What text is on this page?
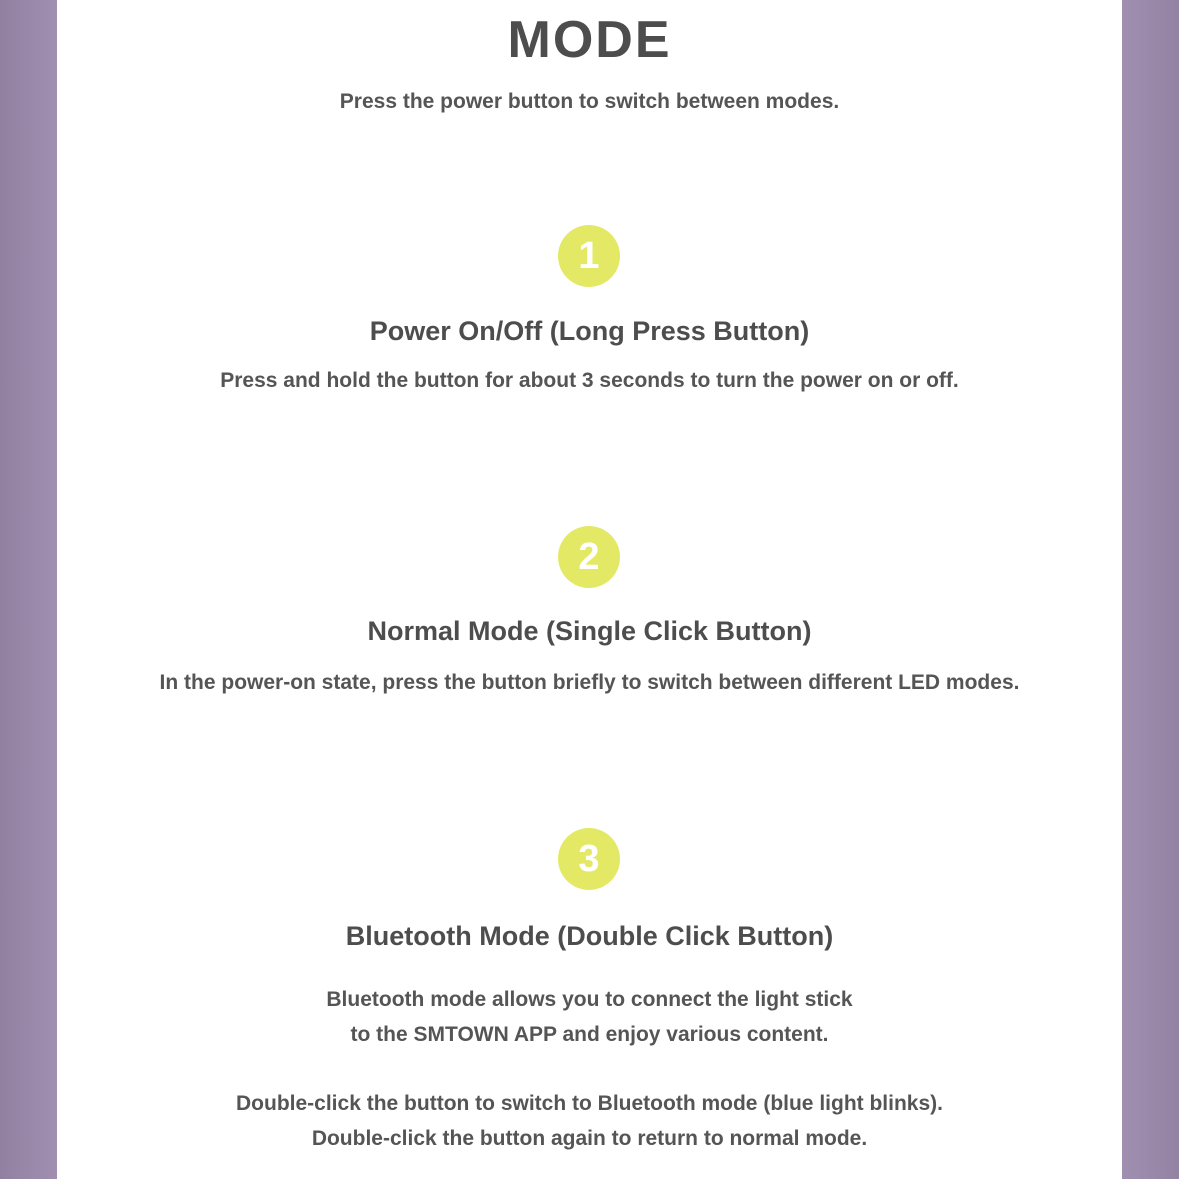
MODE
Press the power button to switch between modes.
1
Power On/Off (Long Press Button)
Press and hold the button for about 3 seconds to turn the power on or off.
2
Normal Mode (Single Click Button)
In the power-on state, press the button briefly to switch between different LED modes.
3
Bluetooth Mode (Double Click Button)
Bluetooth mode allows you to connect the light stick
to the SMTOWN APP and enjoy various content.
Double-click the button to switch to Bluetooth mode (blue light blinks).
Double-click the button again to return to normal mode.
